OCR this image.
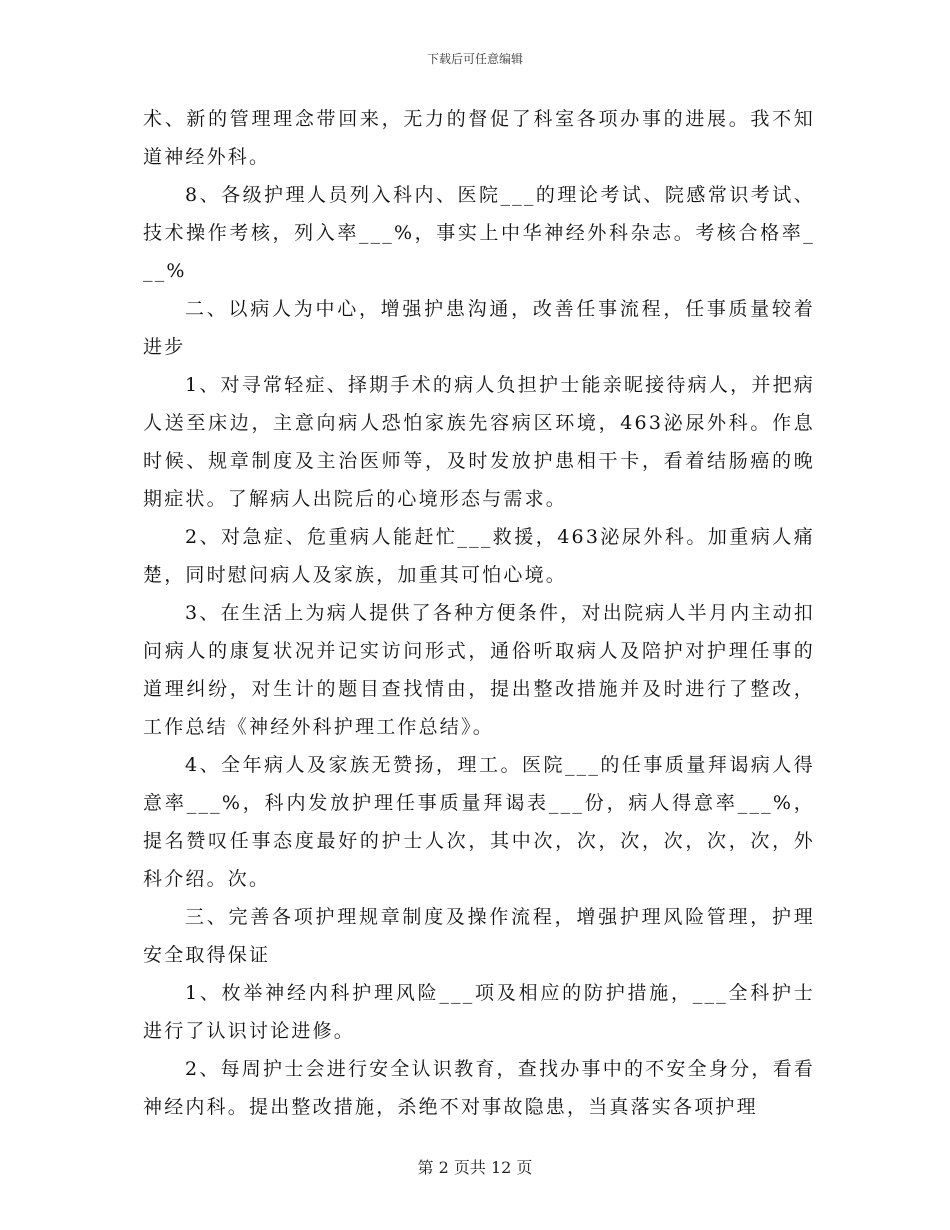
下载后可任意编辑

术、新的管理理念带回来，无力的督促了科室各项办事的进展。我不知道神经外科。

8、各级护理人员列入科内、医院___的理论考试、院感常识考试、技术操作考核，列入率___%，事实上中华神经外科杂志。考核合格率___%

二、以病人为中心，增强护患沟通，改善任事流程，任事质量较着进步

1、对寻常轻症、择期手术的病人负担护士能亲昵接待病人，并把病人送至床边，主意向病人恐怕家族先容病区环境，463泌尿外科。作息时候、规章制度及主治医师等，及时发放护患相干卡，看着结肠癌的晚期症状。了解病人出院后的心境形态与需求。

2、对急症、危重病人能赶忙___救援，463泌尿外科。加重病人痛楚，同时慰问病人及家族，加重其可怕心境。

3、在生活上为病人提供了各种方便条件，对出院病人半月内主动扣问病人的康复状况并记实访问形式，通俗听取病人及陪护对护理任事的道理纠纷，对生计的题目查找情由，提出整改措施并及时进行了整改，工作总结《神经外科护理工作总结》。

4、全年病人及家族无赞扬，理工。医院___的任事质量拜谒病人得意率___%，科内发放护理任事质量拜谒表___份，病人得意率___%，提名赞叹任事态度最好的护士人次，其中次，次，次，次，次，次，外科介绍。次。

三、完善各项护理规章制度及操作流程，增强护理风险管理，护理安全取得保证

1、枚举神经内科护理风险___项及相应的防护措施，___全科护士进行了认识讨论进修。

2、每周护士会进行安全认识教育，查找办事中的不安全身分，看看神经内科。提出整改措施，杀绝不对事故隐患，当真落实各项护理

第 2 页共 12 页
